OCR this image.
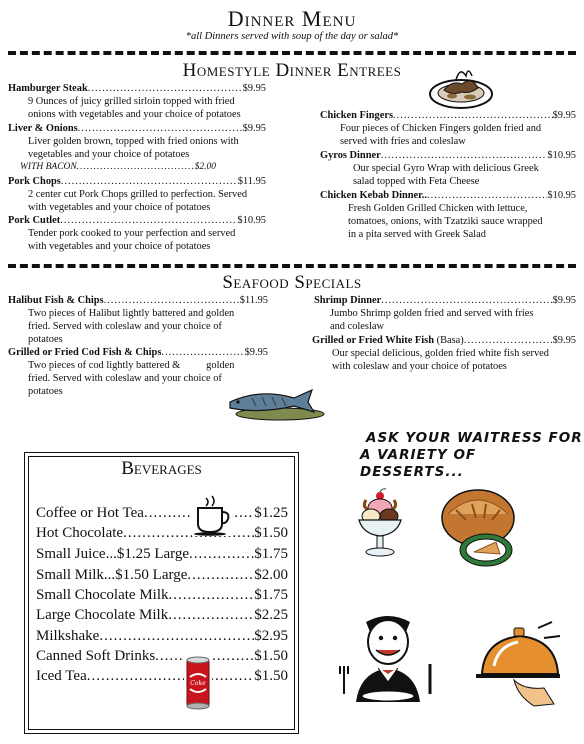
Dinner Menu
*all Dinners served with soup of the day or salad*
Homestyle Dinner Entrees
Hamburger Steak .....	$9.95
9 Ounces of juicy grilled sirloin topped with fried
onions with vegetables and your choice of potatoes
Liver & Onions .....	$9.95
Liver golden brown, topped with fried onions with
vegetables and your choice of potatoes
WITH BACON .....	$2.00
Pork Chops .....	$11.95
2 center cut Pork Chops grilled to perfection. Served
with vegetables and your choice of potatoes
Pork Cutlet .....	$10.95
Tender pork cooked to your perfection and served
with vegetables and your choice of potatoes
Chicken Fingers .....	$9.95
Four pieces of Chicken Fingers golden fried and
served with fries and coleslaw
Gyros Dinner .....	$10.95
Our special Gyro Wrap with delicious Greek
salad topped with Feta Cheese
Chicken Kebab Dinner.. .....	$10.95
Fresh Golden Grilled Chicken with lettuce,
tomatoes, onions, with Tzatziki sauce wrapped
in a pita served with Greek Salad
Seafood Specials
Halibut Fish & Chips .....	$11.95
Two pieces of Halibut lightly battered and golden
fried. Served with coleslaw and your choice of
potatoes
Grilled or Fried Cod Fish & Chips .....	$9.95
Two pieces of cod lightly battered &          golden
fried. Served with coleslaw and your choice of
potatoes
Shrimp Dinner .....	$9.95
Jumbo Shrimp golden fried and served with fries
and coleslaw
Grilled or Fried White Fish
(Basa) .....	$9.95
Our special delicious, golden fried white fish served
with coleslaw and your choice of potatoes
Beverages
Coffee or Hot Tea .....	$1.25
Hot Chocolate .....	$1.50
Small Juice...$1.25 Large .....	$1.75
Small Milk...$1.50 Large .....	$2.00
Small Chocolate Milk .....	$1.75
Large Chocolate Milk .....	$2.25
Milkshake .....	$2.95
Canned Soft Drinks .....	$1.50
Iced Tea .....	$1.50
Coke
ASK YOUR WAITRESS FOR
A VARIETY OF DESSERTS...
